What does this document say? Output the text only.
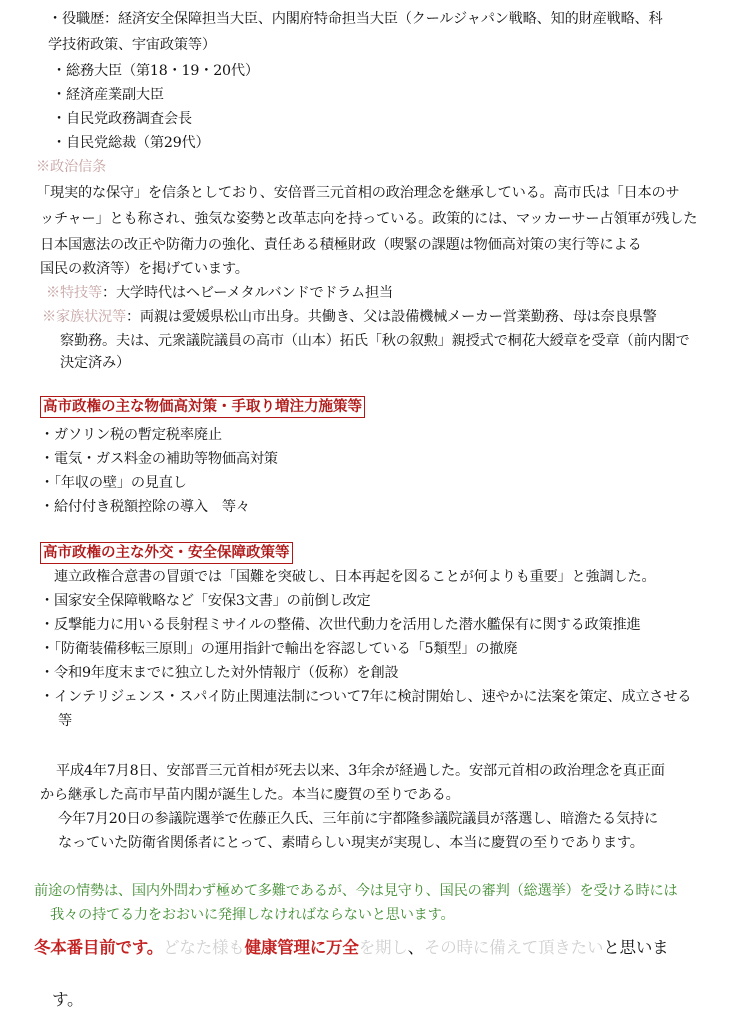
・役職歴：経済安全保障担当大臣、内閣府特命担当大臣（クールジャパン戦略、知的財産戦略、科
学技術政策、宇宙政策等）
・総務大臣（第18・19・20代）
・経済産業副大臣
・自民党政務調査会長
・自民党総裁（第29代）
※政治信条
「現実的な保守」を信条としており、安倍晋三元首相の政治理念を継承している。高市氏は「日本のサ
ッチャー」とも称され、強気な姿勢と改革志向を持っている。政策的には、マッカーサー占領軍が残した
日本国憲法の改正や防衛力の強化、責任ある積極財政（喫緊の課題は物価高対策の実行等による
国民の救済等）を掲げています。
※特技等：大学時代はヘビーメタルバンドでドラム担当
※家族状況等：両親は愛媛県松山市出身。共働き、父は設備機械メーカー営業勤務、母は奈良県警
察勤務。夫は、元衆議院議員の高市（山本）拓氏「秋の叙勲」親授式で桐花大綬章を受章（前内閣で
決定済み）
高市政権の主な物価高対策・手取り増注力施策等
・ガソリン税の暫定税率廃止
・電気・ガス料金の補助等物価高対策
・「年収の壁」の見直し
・給付付き税額控除の導入　等々
高市政権の主な外交・安全保障政策等
連立政権合意書の冒頭では「国難を突破し、日本再起を図ることが何よりも重要」と強調した。
・国家安全保障戦略など「安保3文書」の前倒し改定
・反撃能力に用いる長射程ミサイルの整備、次世代動力を活用した潜水艦保有に関する政策推進
・「防衛装備移転三原則」の運用指針で輸出を容認している「5類型」の撤廃
・令和9年度末までに独立した対外情報庁（仮称）を創設
・インテリジェンス・スパイ防止関連法制について7年に検討開始し、速やかに法案を策定、成立させる
等
平成4年7月8日、安部晋三元首相が死去以来、3年余が経過した。安部元首相の政治理念を真正面
から継承した高市早苗内閣が誕生した。本当に慶賀の至りである。
今年7月20日の参議院選挙で佐藤正久氏、三年前に宇都隆参議院議員が落選し、暗澹たる気持に
なっていた防衛省関係者にとって、素晴らしい現実が実現し、本当に慶賀の至りであります。
前途の情勢は、国内外問わず極めて多難であるが、今は見守り、国民の審判（総選挙）を受ける時には
我々の持てる力をおおいに発揮しなければならないと思います。
冬本番目前です。どなた様も健康管理に万全を期し、その時に備えて頂きたいと思いま
す。
